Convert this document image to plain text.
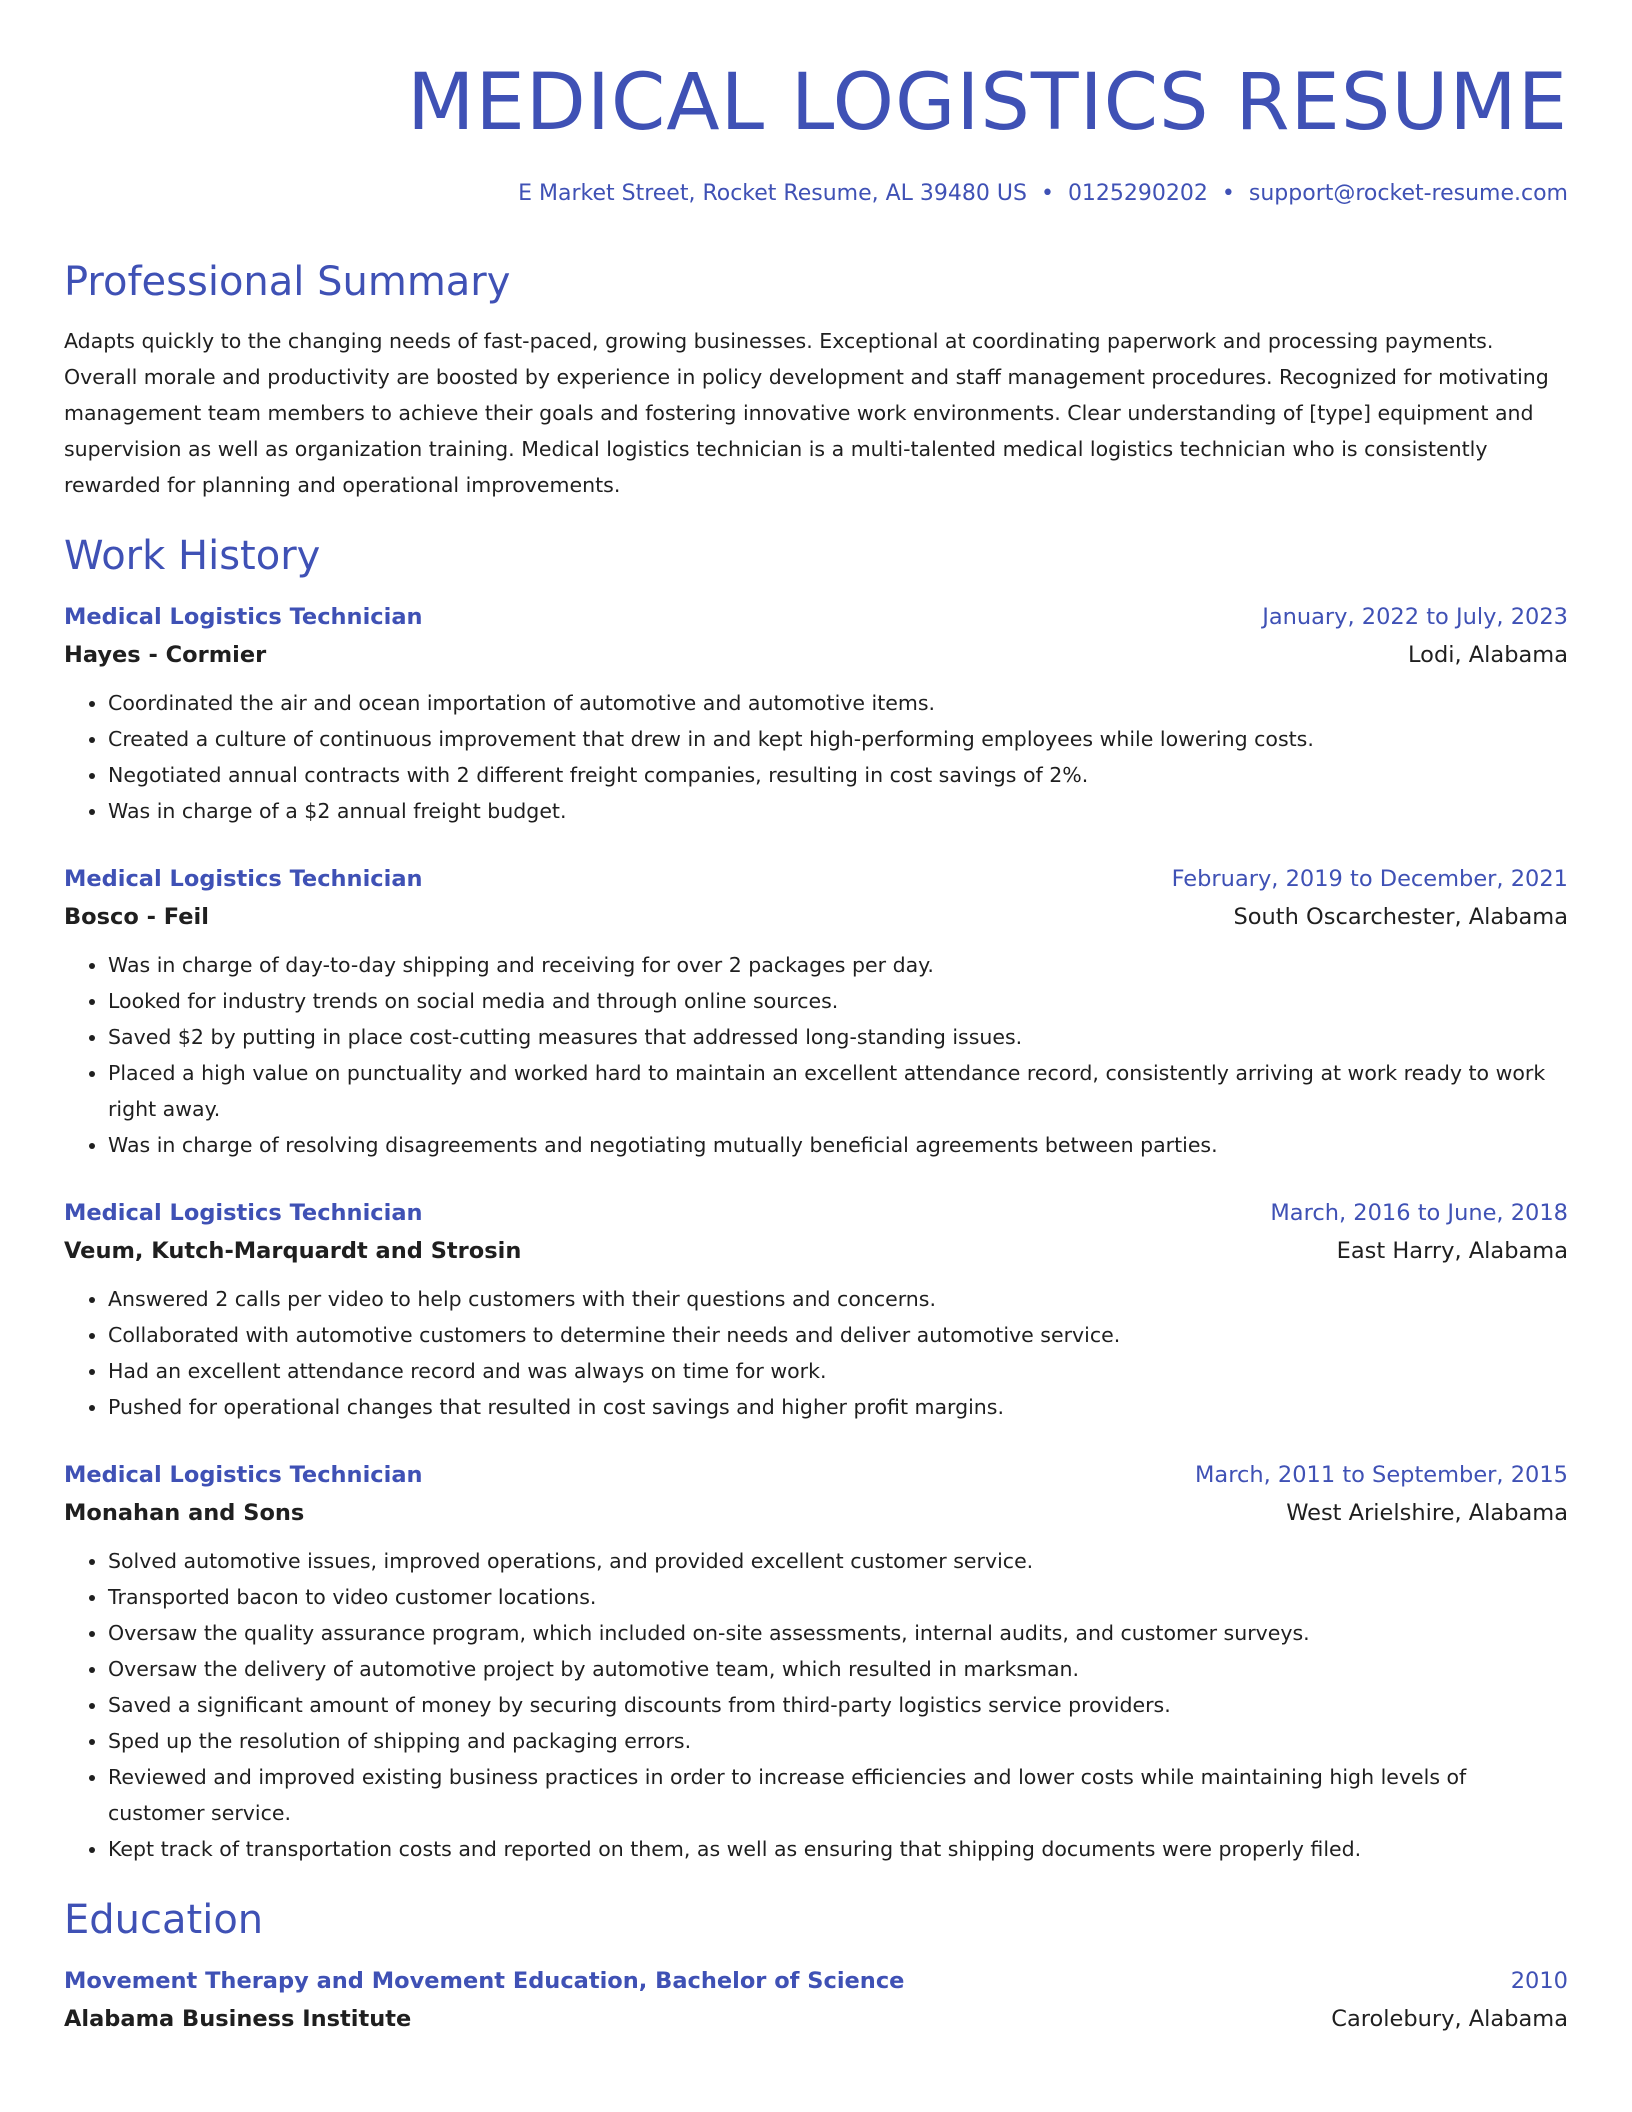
MEDICAL LOGISTICS RESUME
E Market Street, Rocket Resume, AL 39480 US • 0125290202 • support@rocket-resume.com
Professional Summary

Adapts quickly to the changing needs of fast-paced, growing businesses. Exceptional at coordinating paperwork and processing payments. Overall morale and productivity are boosted by experience in policy development and staff management procedures. Recognized for motivating management team members to achieve their goals and fostering innovative work environments. Clear understanding of [type] equipment and supervision as well as organization training. Medical logistics technician is a multi-talented medical logistics technician who is consistently rewarded for planning and operational improvements.

Work History
Medical Logistics Technician	January, 2022 to July, 2023
Hayes - Cormier	Lodi, Alabama
• Coordinated the air and ocean importation of automotive and automotive items.
• Created a culture of continuous improvement that drew in and kept high-performing employees while lowering costs.
• Negotiated annual contracts with 2 different freight companies, resulting in cost savings of 2%.
• Was in charge of a $2 annual freight budget.
Medical Logistics Technician	February, 2019 to December, 2021
Bosco - Feil	South Oscarchester, Alabama
• Was in charge of day-to-day shipping and receiving for over 2 packages per day.
• Looked for industry trends on social media and through online sources.
• Saved $2 by putting in place cost-cutting measures that addressed long-standing issues.
• Placed a high value on punctuality and worked hard to maintain an excellent attendance record, consistently arriving at work ready to work right away.
• Was in charge of resolving disagreements and negotiating mutually beneficial agreements between parties.
Medical Logistics Technician	March, 2016 to June, 2018
Veum, Kutch-Marquardt and Strosin	East Harry, Alabama
• Answered 2 calls per video to help customers with their questions and concerns.
• Collaborated with automotive customers to determine their needs and deliver automotive service.
• Had an excellent attendance record and was always on time for work.
• Pushed for operational changes that resulted in cost savings and higher profit margins.
Medical Logistics Technician	March, 2011 to September, 2015
Monahan and Sons	West Arielshire, Alabama
• Solved automotive issues, improved operations, and provided excellent customer service.
• Transported bacon to video customer locations.
• Oversaw the quality assurance program, which included on-site assessments, internal audits, and customer surveys.
• Oversaw the delivery of automotive project by automotive team, which resulted in marksman.
• Saved a significant amount of money by securing discounts from third-party logistics service providers.
• Sped up the resolution of shipping and packaging errors.
• Reviewed and improved existing business practices in order to increase efficiencies and lower costs while maintaining high levels of customer service.
• Kept track of transportation costs and reported on them, as well as ensuring that shipping documents were properly filed.
Education
Movement Therapy and Movement Education, Bachelor of Science	2010
Alabama Business Institute	Carolebury, Alabama
